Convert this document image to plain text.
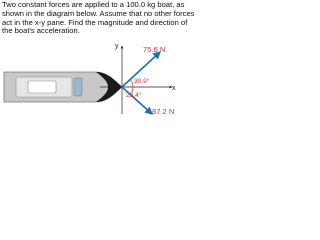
Two constant forces are applied to a 100.0 kg boat, as shown in the diagram below. Assume that no other forces act in the x-y pane. Find the magnitude and direction of the boat's acceleration.
y
x
75.6 N
87.2 N
30.9°
23.4°
